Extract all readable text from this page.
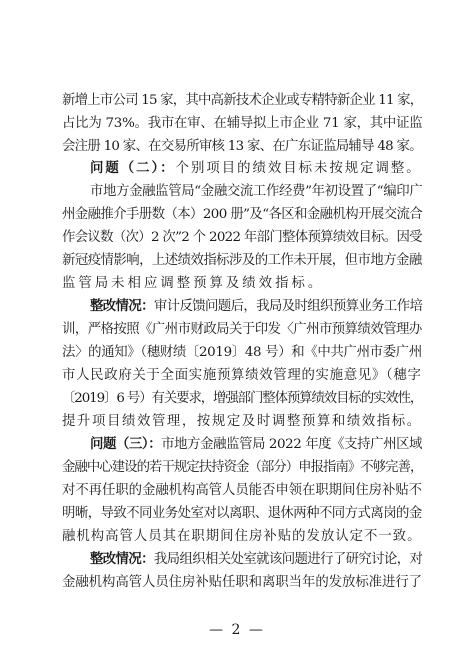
新增上市公司 15 家，其中高新技术企业或专精特新企业 11 家，
占比为 73%。我市在审、在辅导拟上市企业 71 家，其中证监
会注册 10 家、在交易所审核 13 家、在广东证监局辅导 48 家。
问题（二）：个别项目的绩效目标未按规定调整。
市地方金融监管局“金融交流工作经费”年初设置了“编印广
州金融推介手册数（本）200 册”及“各区和金融机构开展交流合
作会议数（次）2 次”2 个 2022 年部门整体预算绩效目标。因受
新冠疫情影响，上述绩效指标涉及的工作未开展，但市地方金融
监管局未相应调整预算及绩效指标。
整改情况：审计反馈问题后，我局及时组织预算业务工作培
训，严格按照《广州市财政局关于印发〈广州市预算绩效管理办
法〉的通知》（穗财绩〔2019〕48 号）和《中共广州市委广州
市人民政府关于全面实施预算绩效管理的实施意见》（穗字
〔2019〕6 号）有关要求，增强部门整体预算绩效目标的实效性，
提升项目绩效管理，按规定及时调整预算和绩效指标。
问题（三）：市地方金融监管局 2022 年度《支持广州区域
金融中心建设的若干规定扶持资金（部分）申报指南》不够完善，
对不再任职的金融机构高管人员能否申领在职期间住房补贴不
明晰，导致不同业务处室对以离职、退休两种不同方式离岗的金
融机构高管人员其在职期间住房补贴的发放认定不一致。
整改情况：我局组织相关处室就该问题进行了研究讨论，对
金融机构高管人员住房补贴任职和离职当年的发放标准进行了
— 2 —
